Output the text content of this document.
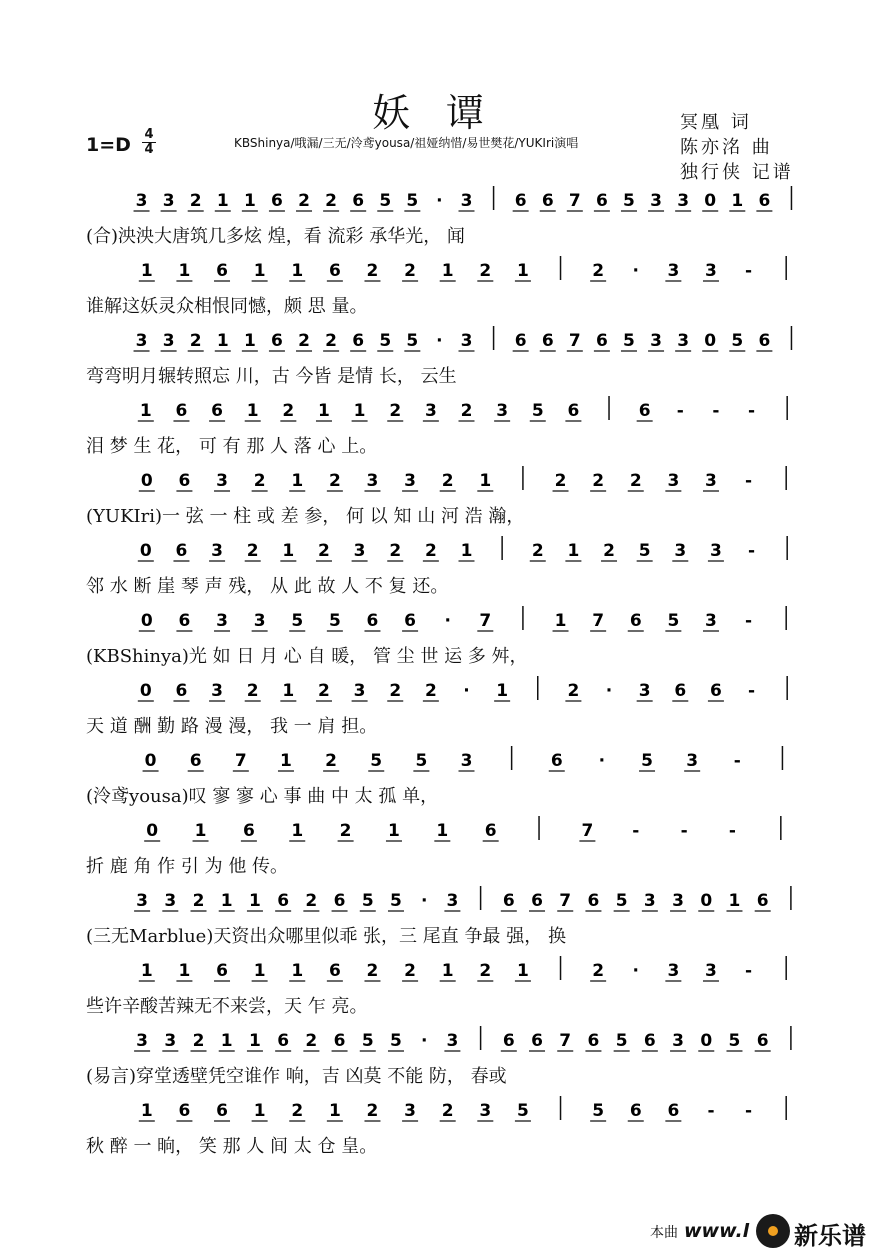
妖谭
1=D 4
4	KBShinya/哦漏/三无/泠鸢yousa/祖娅纳惜/易世樊花/YUKIri演唱
冥凰 词
陈亦洺 曲
独行侠 记谱
3 3 2 1 1 6 2 2 6 5 5 · 3 6 6 7 6 5 3 3 0 1 6
1 1 6 1 1 6 2 2 1 2 1	2 · 3 3 -
3 3 2 1 1 6 2 2 6 5 5 · 3 6 6 7 6 5 3 3 0 5 6
1 6 6 1 2 1 1 2 3 2 3 5 6	6 - - -
0 6 3 2 1 2 3 3 2 1	2 2 2 3 3 -
0 6 3 2 1 2 3 2 2 1	2 1 2 5 3 3 -
0 6 3 3 5 5 6 6 · 7	1 7 6 5 3 -
0 6 3 2 1 2 3 2 2 · 1	2 · 3 6 6 -
0 6 7 1 2 5 5 3	6 · 5 3 -
0 1 6 1 2 1 1 6	7 - - -
3 3 2 1 1 6 2 6 5 5 · 3	6 6 7 6 5 3 3 0 1 6
1 1 6 1 1 6 2 2 1 2 1	2 · 3 3 -
3 3 2 1 1 6 2 6 5 5 · 3	6 6 7 6 5 6 3 0 5 6
1 6 6 1 2 1 2 3 2 3 5	5 6 6 - -
(合)泱泱大唐筑几多炫 煌，看 流彩 承华光， 闻
谁解这妖灵众相恨同憾，颇 思 量。
弯弯明月辗转照忘 川，古 今皆 是情 长， 云生
泪 梦 生 花， 可 有 那 人 落 心 上。
(YUKIri)一 弦 一 柱 或 差 参， 何 以 知 山 河 浩 瀚，
邻 水 断 崖 琴 声 残， 从 此 故 人 不 复 还。
(KBShinya)光 如 日 月 心 自 暖， 管 尘 世 运 多 舛，
天 道 酬 勤 路 漫 漫， 我 一 肩 担。
(泠鸢yousa)叹 寥 寥 心 事 曲 中 太 孤 单，
折 鹿 角 作 引 为 他 传。
(三无Marblue)天资出众哪里似乖 张，三 尾直 争最 强， 换
些许辛酸苦辣无不来尝，天 乍 亮。
(易言)穿堂透壁凭空谁作 响，吉 凶莫 不能 防， 春或
秋 醉 一 晌， 笑 那 人 间 太 仓 皇。
本曲 www.l 新乐谱
